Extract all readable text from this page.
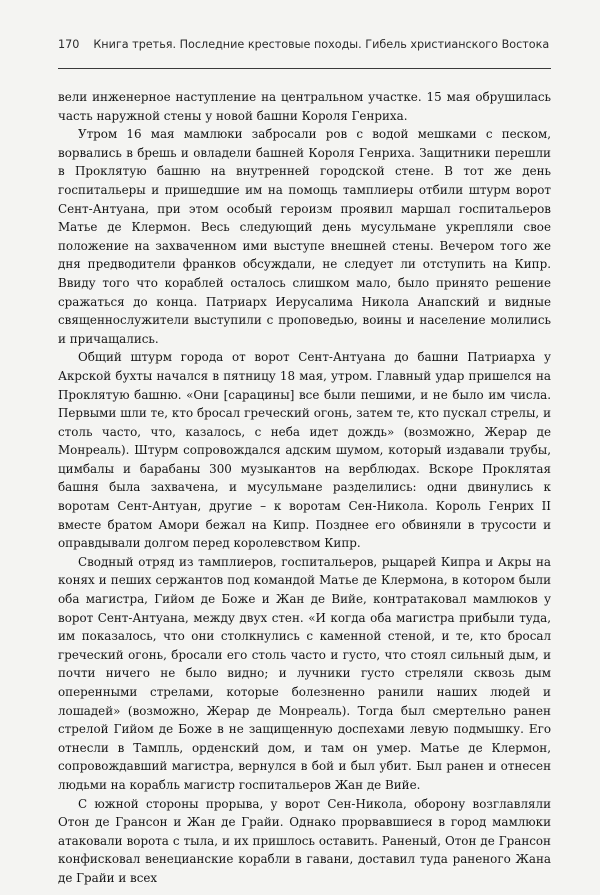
170 Книга третья. Последние крестовые походы. Гибель христианского Востока

вели инженерное наступление на центральном участке. 15 мая обрушилась часть наружной стены у новой башни Короля Генриха.

Утром 16 мая мамлюки забросали ров с водой мешками с песком, ворвались в брешь и овладели башней Короля Генриха. Защитники перешли в Проклятую башню на внутренней городской стене. В тот же день госпитальеры и пришедшие им на помощь тамплиеры отбили штурм ворот Сент-Антуана, при этом особый героизм проявил маршал госпитальеров Матье де Клермон. Весь следующий день мусульмане укрепляли свое положение на захваченном ими выступе внешней стены. Вечером того же дня предводители франков обсуждали, не следует ли отступить на Кипр. Ввиду того что кораблей осталось слишком мало, было принято решение сражаться до конца. Патриарх Иерусалима Никола Анапский и видные священнослужители выступили с проповедью, воины и население молились и причащались.

Общий штурм города от ворот Сент-Антуана до башни Патриарха у Акрской бухты начался в пятницу 18 мая, утром. Главный удар пришелся на Проклятую башню. «Они [сарацины] все были пешими, и не было им числа. Первыми шли те, кто бросал греческий огонь, затем те, кто пускал стрелы, и столь часто, что, казалось, с неба идет дождь» (возможно, Жерар де Монреаль). Штурм сопровождался адским шумом, который издавали трубы, цимбалы и барабаны 300 музыкантов на верблюдах. Вскоре Проклятая башня была захвачена, и мусульмане разделились: одни двинулись к воротам Сент-Антуан, другие – к воротам Сен-Никола. Король Генрих II вместе братом Амори бежал на Кипр. Позднее его обвиняли в трусости и оправдывали долгом перед королевством Кипр.

Сводный отряд из тамплиеров, госпитальеров, рыцарей Кипра и Акры на конях и пеших сержантов под командой Матье де Клермона, в котором были оба магистра, Гийом де Боже и Жан де Вийе, контратаковал мамлюков у ворот Сент-Антуана, между двух стен. «И когда оба магистра прибыли туда, им показалось, что они столкнулись с каменной стеной, и те, кто бросал греческий огонь, бросали его столь часто и густо, что стоял сильный дым, и почти ничего не было видно; и лучники густо стреляли сквозь дым оперенными стрелами, которые болезненно ранили наших людей и лошадей» (возможно, Жерар де Монреаль). Тогда был смертельно ранен стрелой Гийом де Боже в не защищенную доспехами левую подмышку. Его отнесли в Тампль, орденский дом, и там он умер. Матье де Клермон, сопровождавший магистра, вернулся в бой и был убит. Был ранен и отнесен людьми на корабль магистр госпитальеров Жан де Вийе.

С южной стороны прорыва, у ворот Сен-Никола, оборону возглавляли Отон де Грансон и Жан де Грайи. Однако прорвавшиеся в город мамлюки атаковали ворота с тыла, и их пришлось оставить. Раненый, Отон де Грансон конфисковал венецианские корабли в гавани, доставил туда раненого Жана де Грайи и всех
